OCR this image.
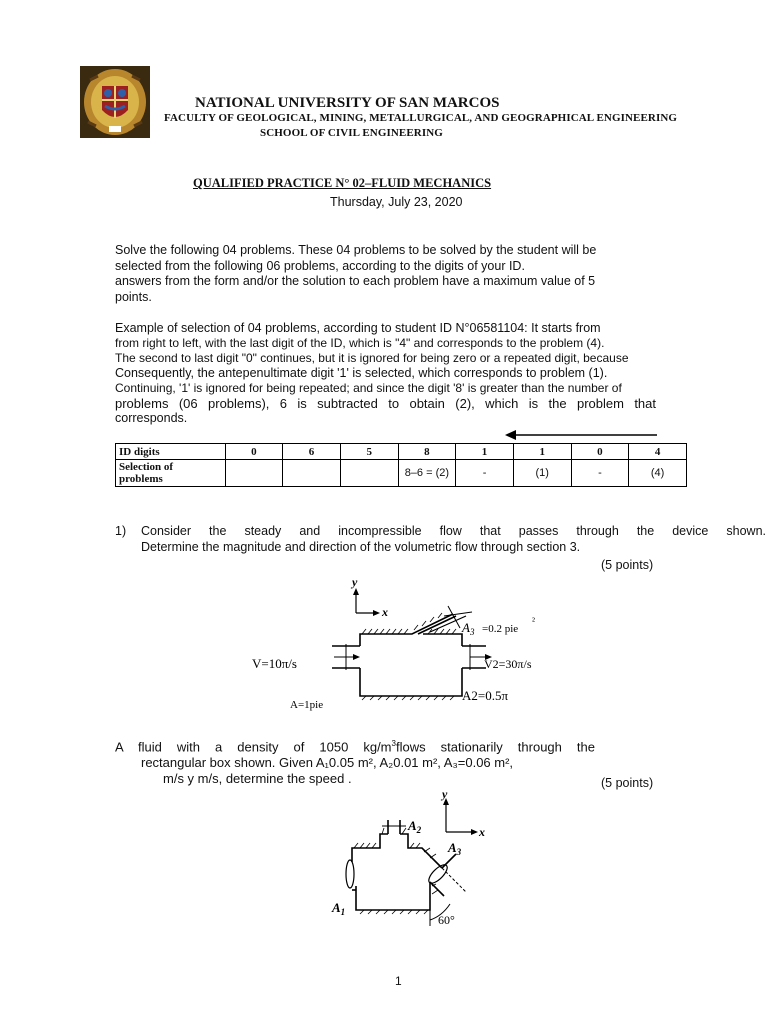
NATIONAL UNIVERSITY OF SAN MARCOS
FACULTY OF GEOLOGICAL, MINING, METALLURGICAL, AND GEOGRAPHICAL ENGINEERING
SCHOOL OF CIVIL ENGINEERING
QUALIFIED PRACTICE N° 02–FLUID MECHANICS
Thursday, July 23, 2020
Solve the following 04 problems. These 04 problems to be solved by the student will be
selected from the following 06 problems, according to the digits of your ID.
answers from the form and/or the solution to each problem have a maximum value of 5
points.
Example of selection of 04 problems, according to student ID N°06581104: It starts from
from right to left, with the last digit of the ID, which is "4" and corresponds to the problem (4).
The second to last digit "0" continues, but it is ignored for being zero or a repeated digit, because
Consequently, the antepenultimate digit '1' is selected, which corresponds to problem (1).
Continuing, '1' is ignored for being repeated; and since the digit '8' is greater than the number of
problems (06 problems), 6 is subtracted to obtain (2), which is the problem that
corresponds.
ID digits	0	6	5	8	1	1	0	4
Selection of
problems				8–6 = (2)	-	(1)	-	(4)
1)	Consider the steady and incompressible flow that passes through the device shown.
Determine the magnitude and direction of the volumetric flow through section 3.
(5 points)
y
x
$A_3 =0.2$ pie
²
V=10π/s	V2=30π/s
A=1pie
A2=0.5π
A fluid with a density of 1050 $kg/m^3flows$ stationarily through the
rectangular box shown. Given A₁0.05 m², A₂0.01 m², A₃=0.06 m²,
m/s y m/s, determine the speed .	(5 points)
y
x
$A_1$
$A_2$
$A_3$
60°
1
